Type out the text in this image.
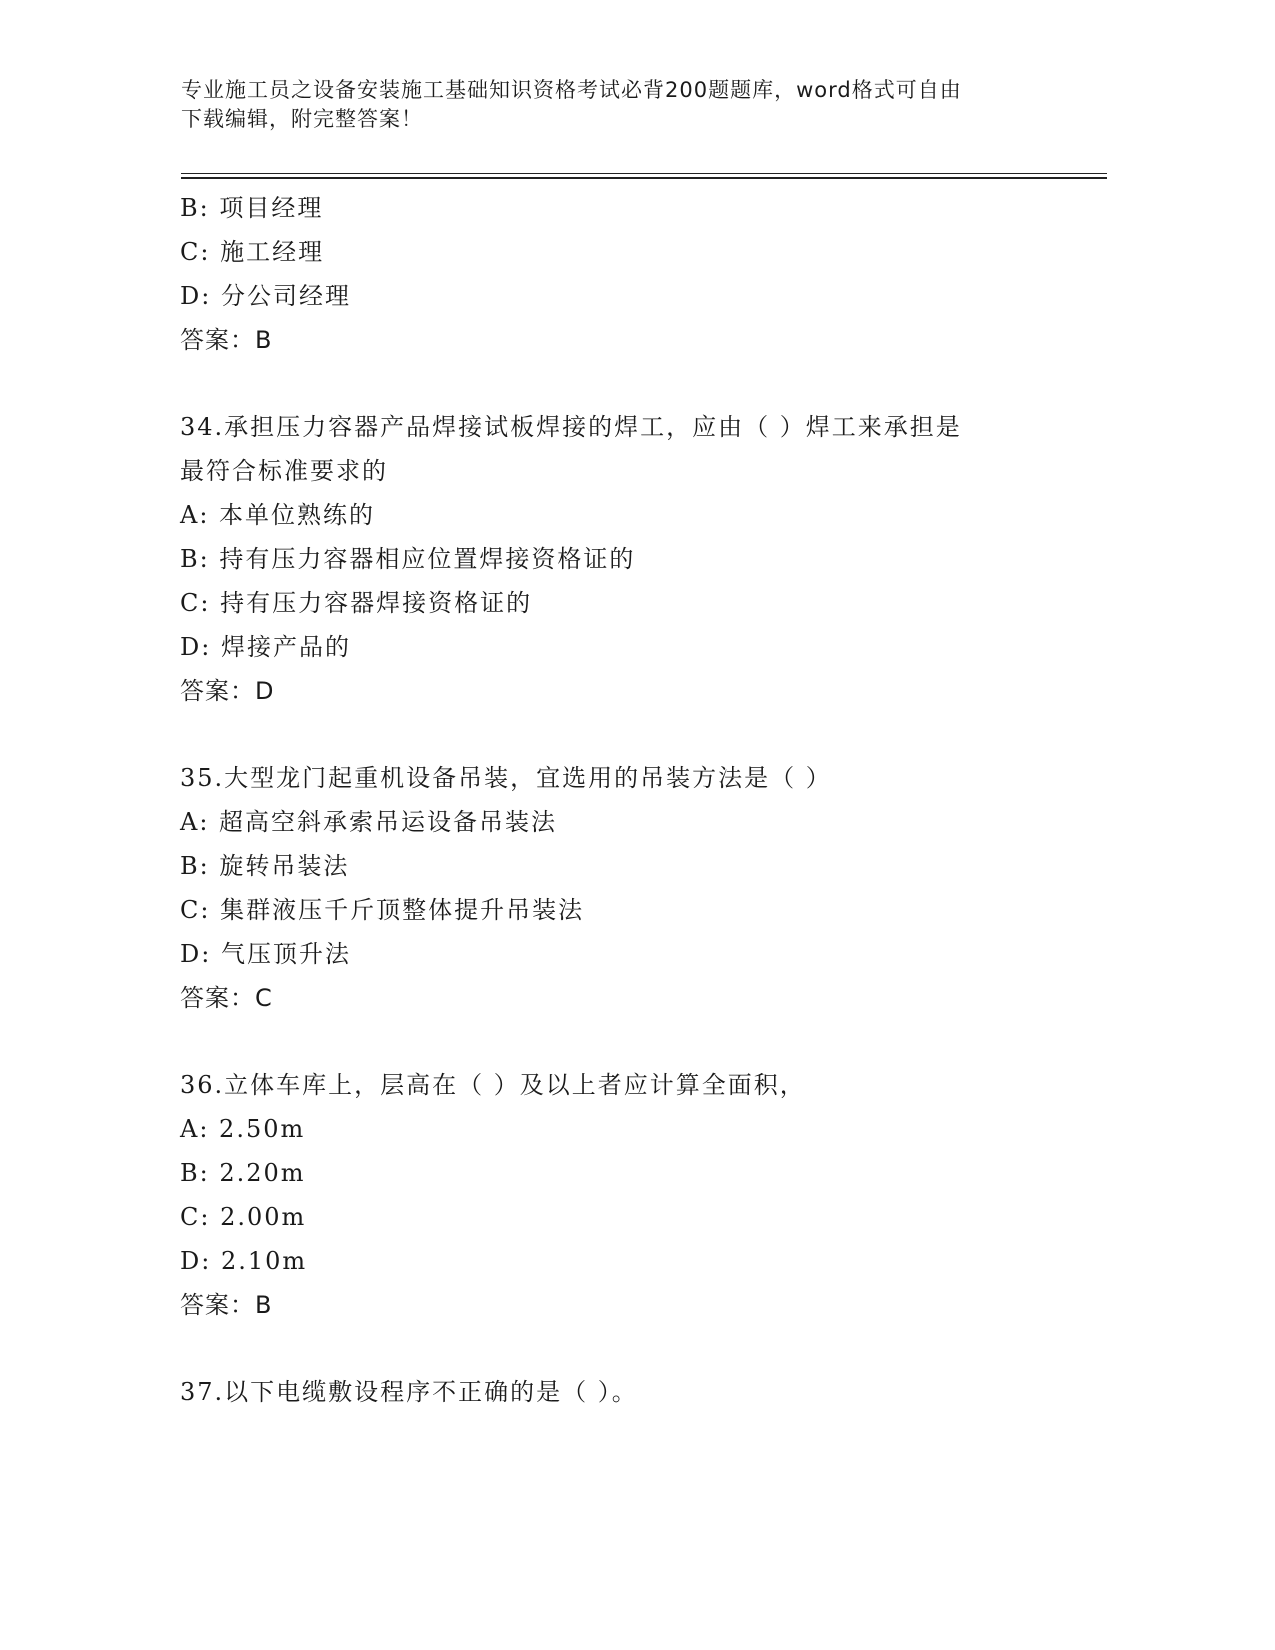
专业施工员之设备安装施工基础知识资格考试必背200题题库，word格式可自由
下载编辑，附完整答案！
B: 项目经理
C: 施工经理
D: 分公司经理
答案：B
34.承担压力容器产品焊接试板焊接的焊工，应由（ ）焊工来承担是
最符合标准要求的
A: 本单位熟练的
B: 持有压力容器相应位置焊接资格证的
C: 持有压力容器焊接资格证的
D: 焊接产品的
答案：D
35.大型龙门起重机设备吊装，宜选用的吊装方法是（ ）
A: 超高空斜承索吊运设备吊装法
B: 旋转吊装法
C: 集群液压千斤顶整体提升吊装法
D: 气压顶升法
答案：C
36.立体车库上，层高在（ ）及以上者应计算全面积，
A: 2.50m
B: 2.20m
C: 2.00m
D: 2.10m
答案：B
37.以下电缆敷设程序不正确的是（ ）。
